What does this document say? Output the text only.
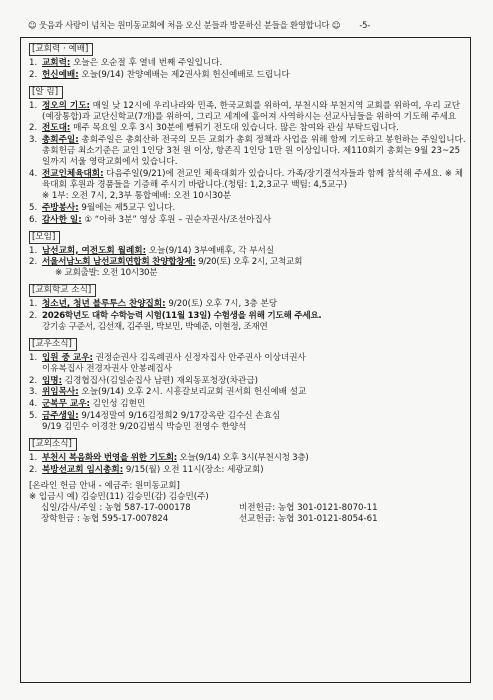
☺ 웃음과 사랑이 넘치는 원미동교회에 처음 오신 분들과 방문하신 분들을 환영합니다 ☺ -5-
[교회력 · 예배]
1. 교회력: 오늘은 오순절 후 열네 번째 주일입니다.
2. 헌신예배: 오늘(9/14) 찬양예배는 제2권사회 헌신예배로 드립니다
[알 림]
1. 정오의 기도: 매일 낮 12시에 우리나라와 민족, 한국교회를 위하여, 부천시와 부천지역 교회를 위하여, 우리 교단(예장통합)과 교단신학교(7개)를 위하여, 그리고 세계에 흩어져 사역하시는 선교사님들을 위하여 기도해 주세요
2. 전도대: 매주 목요일 오후 3시 30분에 뻥튀기 전도대 있습니다. 많은 참여와 관심 부탁드립니다.
3. 총회주일: 총회주일은 총회산하 전국의 모든 교회가 총회 정책과 사업을 위해 함께 기도하고 봉헌하는 주일입니다. 총회헌금 최소기준은 교인 1인당 3천 원 이상, 항존직 1인당 1만 원 이상입니다. 제110회기 총회는 9월 23~25일까지 서울 영락교회에서 있습니다.
4. 전교인체육대회: 다음주일(9/21)에 전교인 체육대회가 있습니다. 가족/장기결석자들과 함께 참석해 주세요. ※ 체육대회 후원과 경품들을 기증해 주시기 바랍니다.(청팀: 1,2,3교구 백팀: 4,5교구)
※ 1부: 오전 7시, 2,3부 통합예배: 오전 10시30분
5. 주방봉사: 9월에는 제5교구 입니다.
6. 감사한 일: ① “아하 3분” 영상 후원 – 권순자권사/조선아집사
[모임]
1. 남선교회, 여전도회 월례회: 오늘(9/14) 3부예배후, 각 부서실
2. 서울서남노회 남선교회연합회 찬양합창제: 9/20(토) 오후 2시, 고척교회
※ 교회출발: 오전 10시30분
[교회학교 소식]
1. 청소년, 청년 블루투스 찬양집회: 9/20(토) 오후 7시, 3층 본당
2. 2026학년도 대학 수학능력 시험(11월 13일) 수험생을 위해 기도해 주세요.
강기송 구준서, 김선재, 김주원, 박보민, 박예준, 이현정, 조재연
[교우소식]
1. 입원 중 교우: 권정순권사 김옥례권사 신정자집사 안주권사 이상녀권사
이유복집사 전경자권사 안봉례집사
2. 임명: 김경협집사(김일순집사 남편) 재외동포청장(차관급)
3. 위임목사: 오늘(9/14) 오후 2시. 시흥갈보리교회 권서회 헌신예배 설교
4. 군복무 교우: 김인성 김현민
5. 금주생일: 9/14정말여 9/16김정희2 9/17강옥란 김수신 손효심
9/19 김민수 이경찬 9/20김범식 박승민 전영수 한양석
[교외소식]
1. 부천시 복음화와 번영을 위한 기도회: 오늘(9/14) 오후 3시(부천시청 3층)
2. 북방선교회 임시총회: 9/15(월) 오전 11시(장소: 세광교회)
[온라인 헌금 안내 - 예금주: 원미동교회]
※ 입금시 예) 김승민(11) 김승민(감) 김승민(주)
십일/감사/주일 : 농협 587-17-000178	비전헌금: 농협 301-0121-8070-11
장학헌금 : 농협 595-17-007824	선교헌금: 농협 301-0121-8054-61
